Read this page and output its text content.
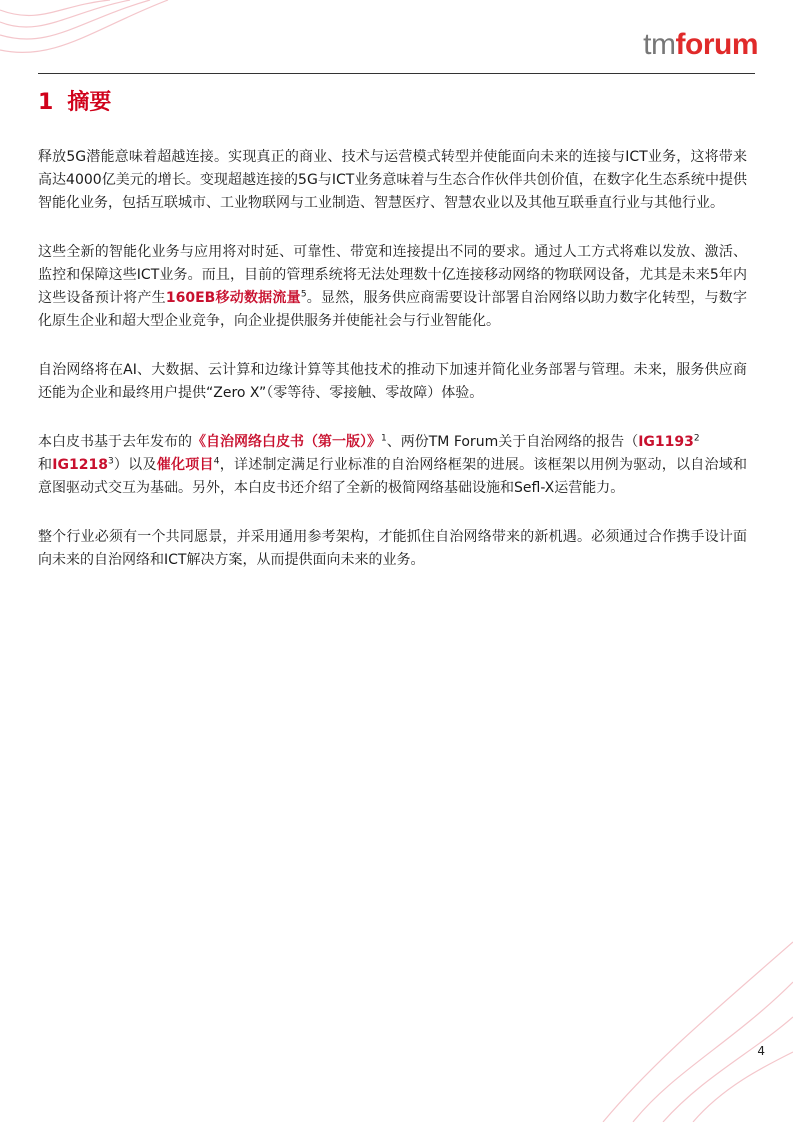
tmforum
1 摘要

释放5G潜能意味着超越连接。实现真正的商业、技术与运营模式转型并使能面向未来的连接与ICT业务，这将带来高达4000亿美元的增长。变现超越连接的5G与ICT业务意味着与生态合作伙伴共创价值，在数字化生态系统中提供智能化业务，包括互联城市、工业物联网与工业制造、智慧医疗、智慧农业以及其他互联垂直行业与其他行业。

这些全新的智能化业务与应用将对时延、可靠性、带宽和连接提出不同的要求。通过人工方式将难以发放、激活、监控和保障这些ICT业务。而且，目前的管理系统将无法处理数十亿连接移动网络的物联网设备，尤其是未来5年内这些设备预计将产生160EB移动数据流量$^5$。显然，服务供应商需要设计部署自治网络以助力数字化转型，与数字化原生企业和超大型企业竞争，向企业提供服务并使能社会与行业智能化。

自治网络将在AI、大数据、云计算和边缘计算等其他技术的推动下加速并简化业务部署与管理。未来，服务供应商还能为企业和最终用户提供“Zero X”（零等待、零接触、零故障）体验。

本白皮书基于去年发布的《自治网络白皮书（第一版）》$^1$、两份TM Forum关于自治网络的报告（IG1193$^2$
和IG1218$^3$）以及催化项目$^4$，详述制定满足行业标准的自治网络框架的进展。该框架以用例为驱动，以自治域和意图驱动式交互为基础。另外，本白皮书还介绍了全新的极简网络基础设施和Sefl-X运营能力。

整个行业必须有一个共同愿景，并采用通用参考架构，才能抓住自治网络带来的新机遇。必须通过合作携手设计面向未来的自治网络和ICT解决方案，从而提供面向未来的业务。

4
